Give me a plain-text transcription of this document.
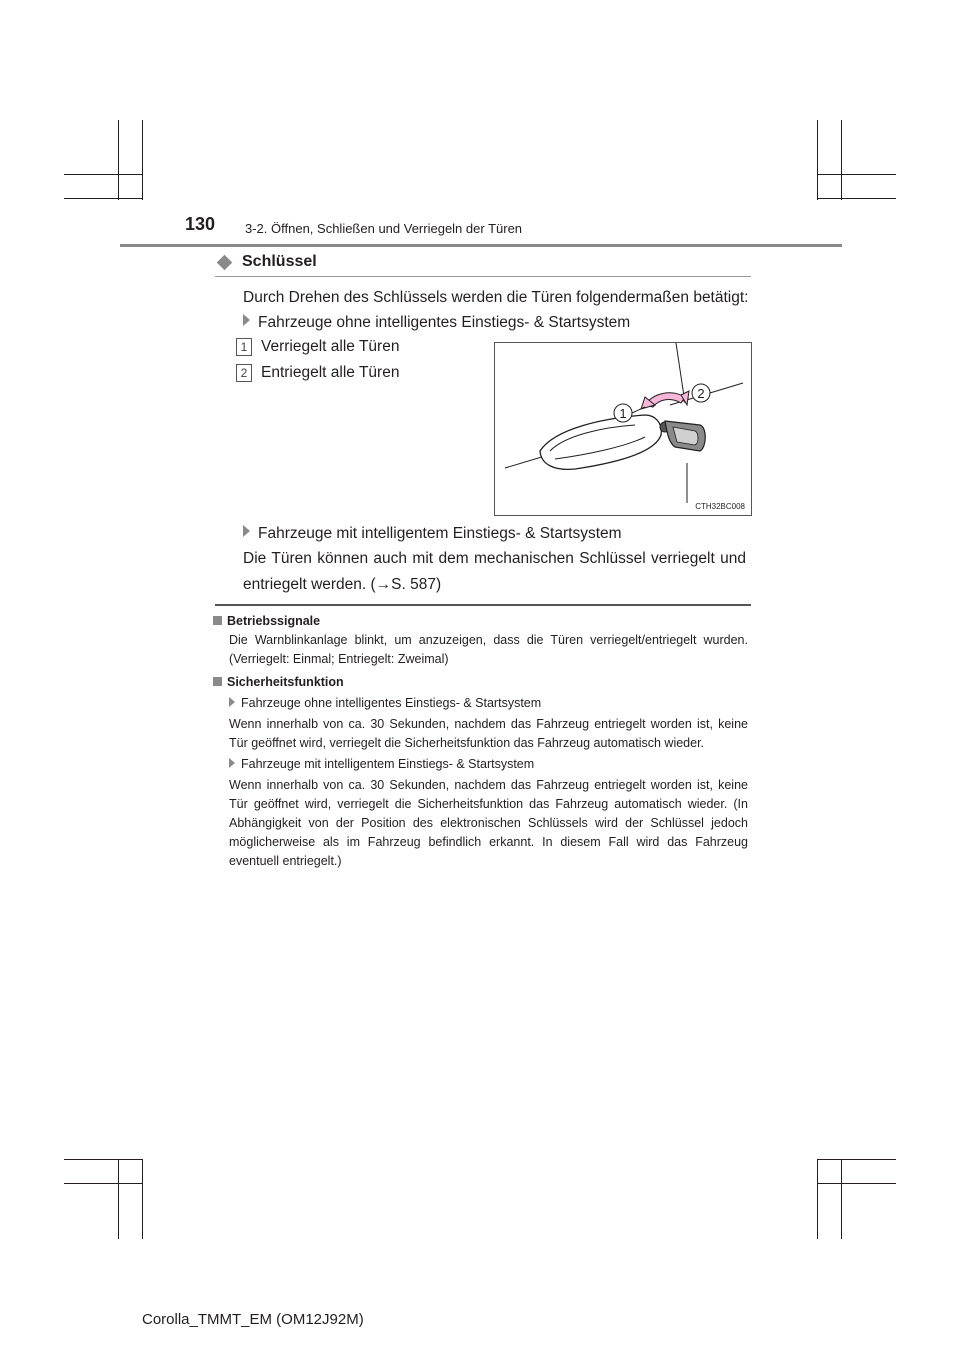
130 3-2. Öffnen, Schließen und Verriegeln der Türen
Schlüssel
Durch Drehen des Schlüssels werden die Türen folgendermaßen betätigt:
Fahrzeuge ohne intelligentes Einstiegs- & Startsystem
1 Verriegelt alle Türen
2 Entriegelt alle Türen
1
2
CTH32BC008
Fahrzeuge mit intelligentem Einstiegs- & Startsystem
Die Türen können auch mit dem mechanischen Schlüssel verriegelt und entriegelt werden. (→S. 587)
Betriebssignale
Die Warnblinkanlage blinkt, um anzuzeigen, dass die Türen verriegelt/entriegelt wurden. (Verriegelt: Einmal; Entriegelt: Zweimal)
Sicherheitsfunktion
Fahrzeuge ohne intelligentes Einstiegs- & Startsystem
Wenn innerhalb von ca. 30 Sekunden, nachdem das Fahrzeug entriegelt worden ist, keine Tür geöffnet wird, verriegelt die Sicherheitsfunktion das Fahrzeug automatisch wieder.
Fahrzeuge mit intelligentem Einstiegs- & Startsystem
Wenn innerhalb von ca. 30 Sekunden, nachdem das Fahrzeug entriegelt worden ist, keine Tür geöffnet wird, verriegelt die Sicherheitsfunktion das Fahrzeug automatisch wieder. (In Abhängigkeit von der Position des elektronischen Schlüssels wird der Schlüssel jedoch möglicherweise als im Fahrzeug befindlich erkannt. In diesem Fall wird das Fahrzeug eventuell entriegelt.)
Corolla_TMMT_EM (OM12J92M)
